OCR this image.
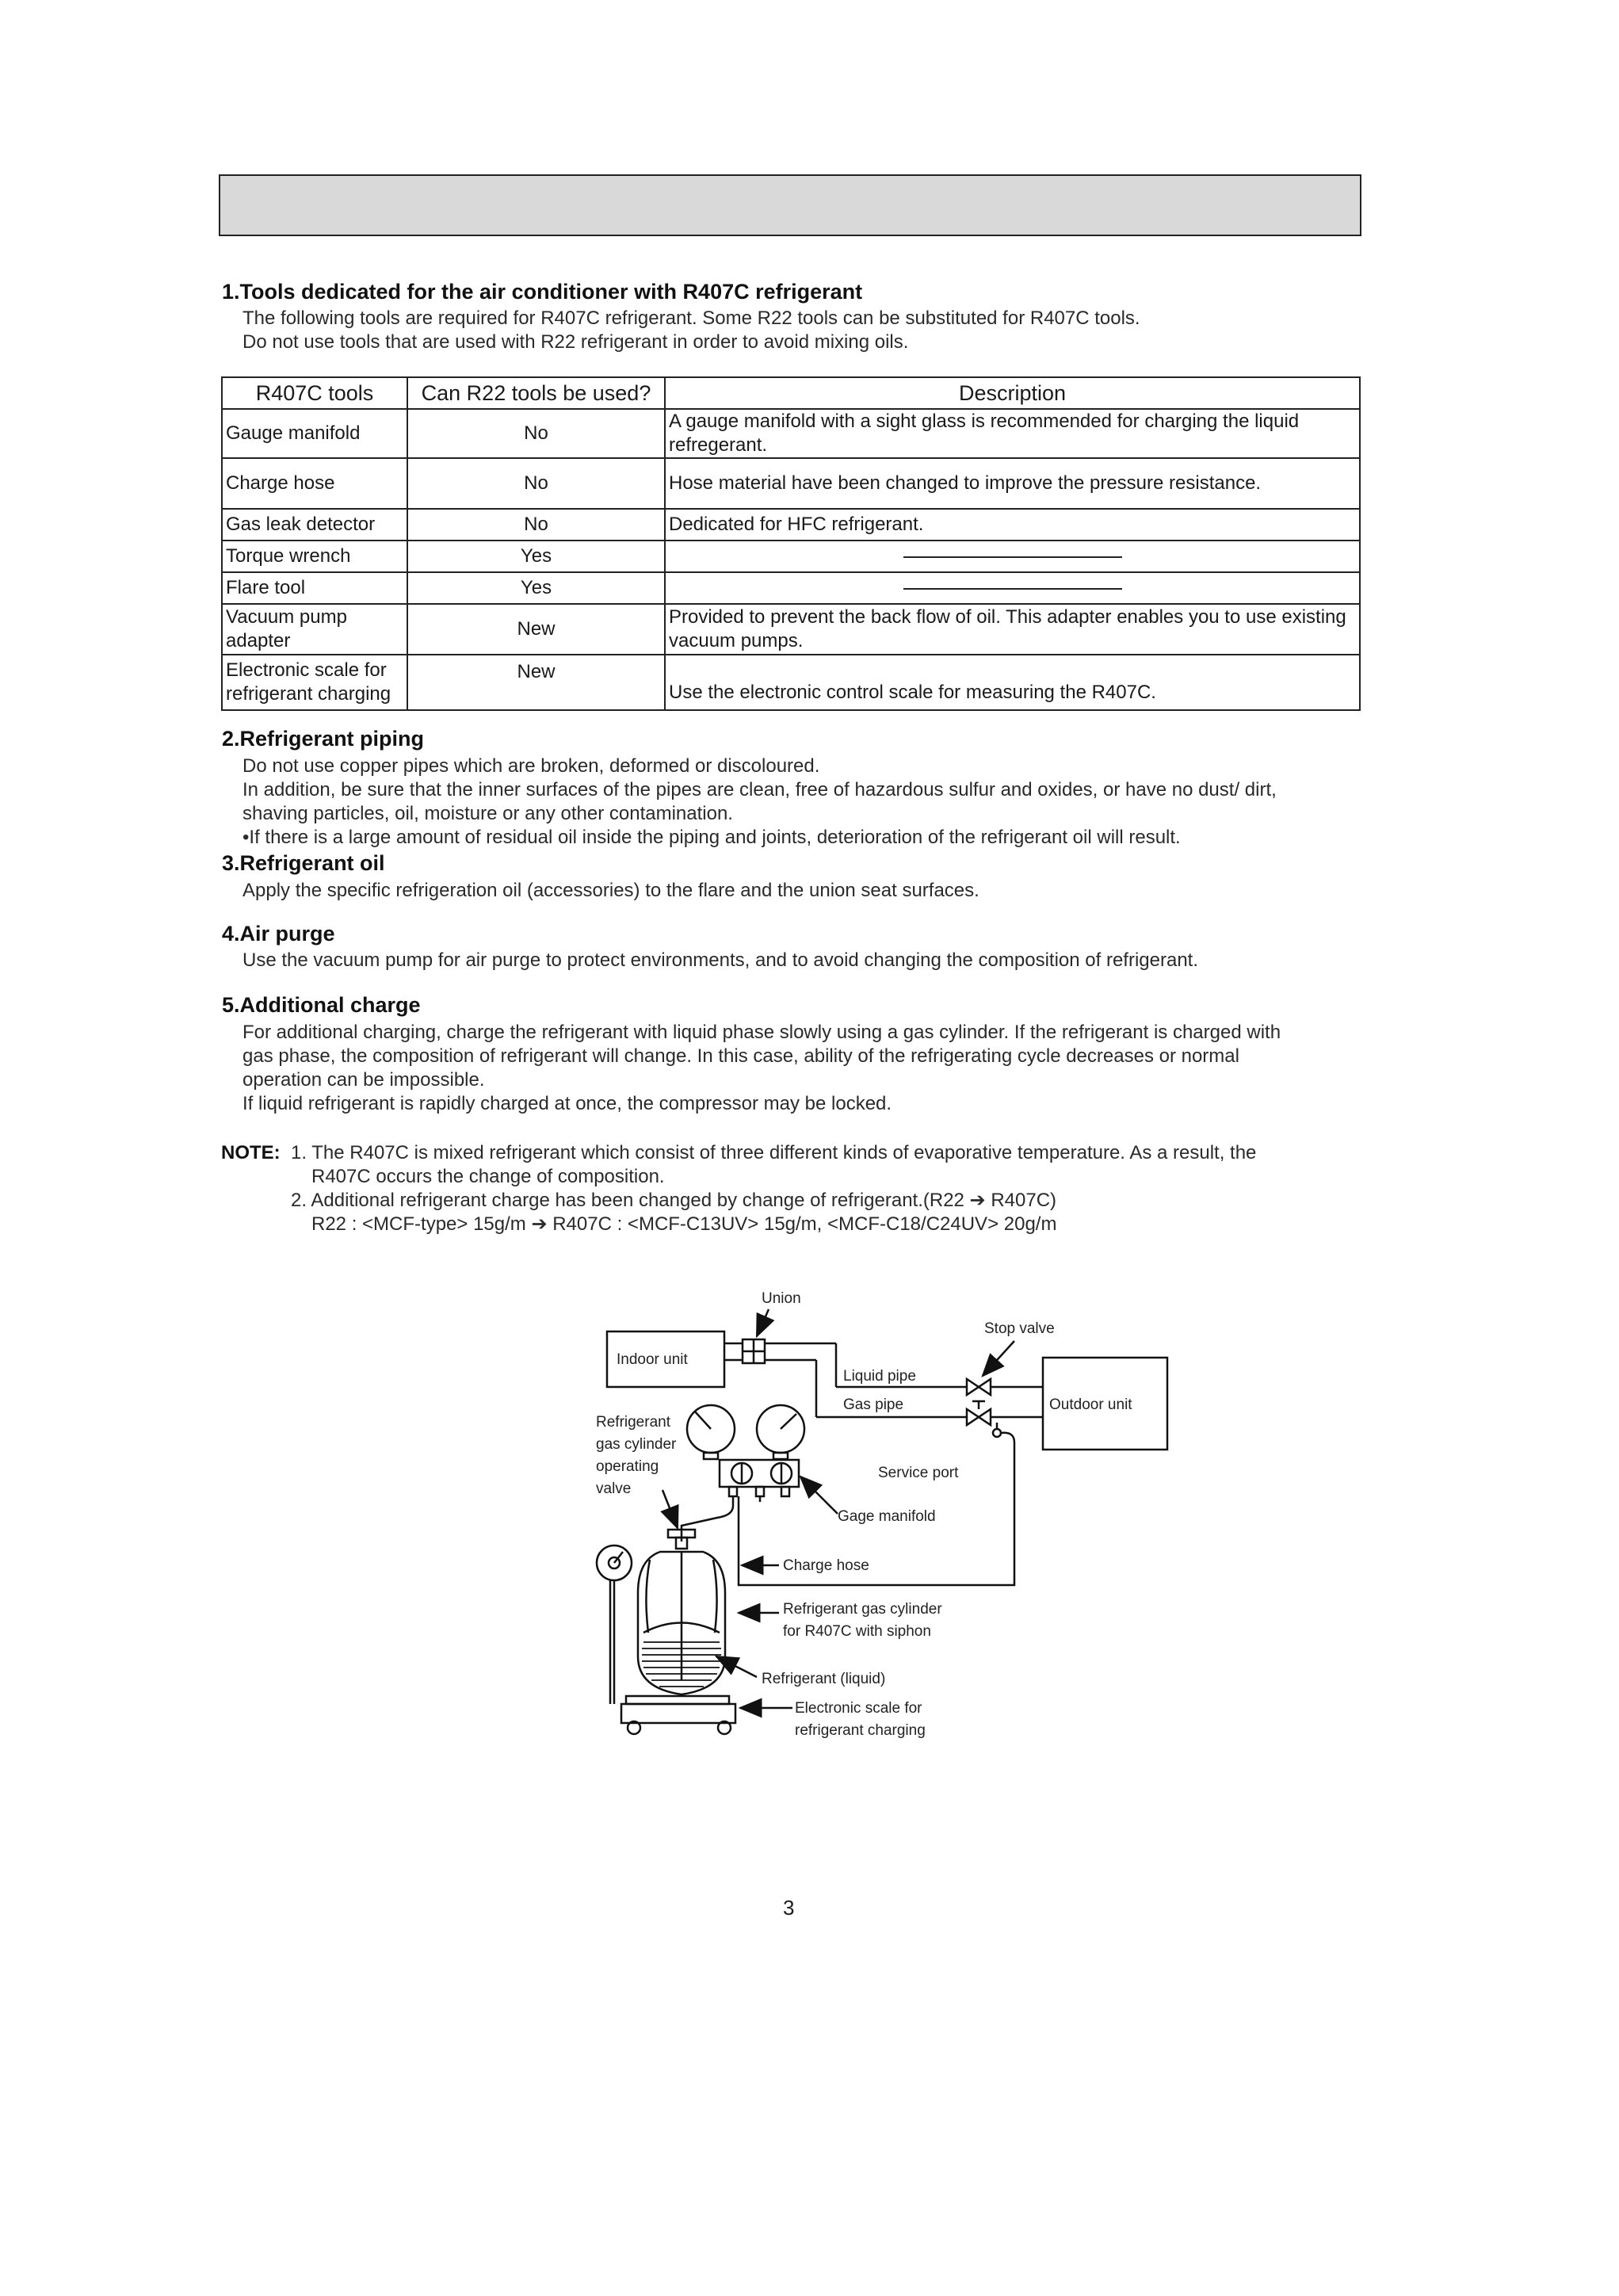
1.Tools dedicated for the air conditioner with R407C refrigerant
The following tools are required for R407C refrigerant. Some R22 tools can be substituted for R407C tools.
Do not use tools that are used with R22 refrigerant in order to avoid mixing oils.
R407C tools	Can R22 tools be used?	Description
Gauge manifold	No	A gauge manifold with a sight glass is recommended for charging the liquid refregerant.
Charge hose	No	Hose material have been changed to improve the pressure resistance.
Gas leak detector	No	Dedicated for HFC refrigerant.
Torque wrench	Yes	
Flare tool	Yes	
Vacuum pump adapter	New	Provided to prevent the back flow of oil. This adapter enables you to use existing vacuum pumps.
Electronic scale for refrigerant charging	New	Use the electronic control scale for measuring the R407C.
2.Refrigerant piping
Do not use copper pipes which are broken, deformed or discoloured.
In addition, be sure that the inner surfaces of the pipes are clean, free of hazardous sulfur and oxides, or have no dust/ dirt,
shaving particles, oil, moisture or any other contamination.
•If there is a large amount of residual oil inside the piping and joints, deterioration of the refrigerant oil will result.
3.Refrigerant oil
Apply the specific refrigeration oil (accessories) to the flare and the union seat surfaces.
4.Air purge
Use the vacuum pump for air purge to protect environments, and to avoid changing the composition of refrigerant.
5.Additional charge
For additional charging, charge the refrigerant with liquid phase slowly using a gas cylinder. If the refrigerant is charged with
gas phase, the composition of refrigerant will change. In this case, ability of the refrigerating cycle decreases or normal
operation can be impossible.
If liquid refrigerant is rapidly charged at once, the compressor may be locked.
NOTE: 1. The R407C is mixed refrigerant which consist of three different kinds of evaporative temperature. As a result, the
R407C occurs the change of composition.
2. Additional refrigerant charge has been changed by change of refrigerant.(R22 ➔ R407C)
R22 : <MCF-type> 15g/m ➔ R407C : <MCF-C13UV> 15g/m, <MCF-C18/C24UV> 20g/m
Union
Stop valve
Indoor unit
Liquid pipe
Gas pipe	Outdoor unit
Refrigerant
gas cylinder
operating
valve
Service port
Gage manifold
Charge hose
Refrigerant gas cylinder
for R407C with siphon
Refrigerant (liquid)
Electronic scale for
refrigerant charging
3
